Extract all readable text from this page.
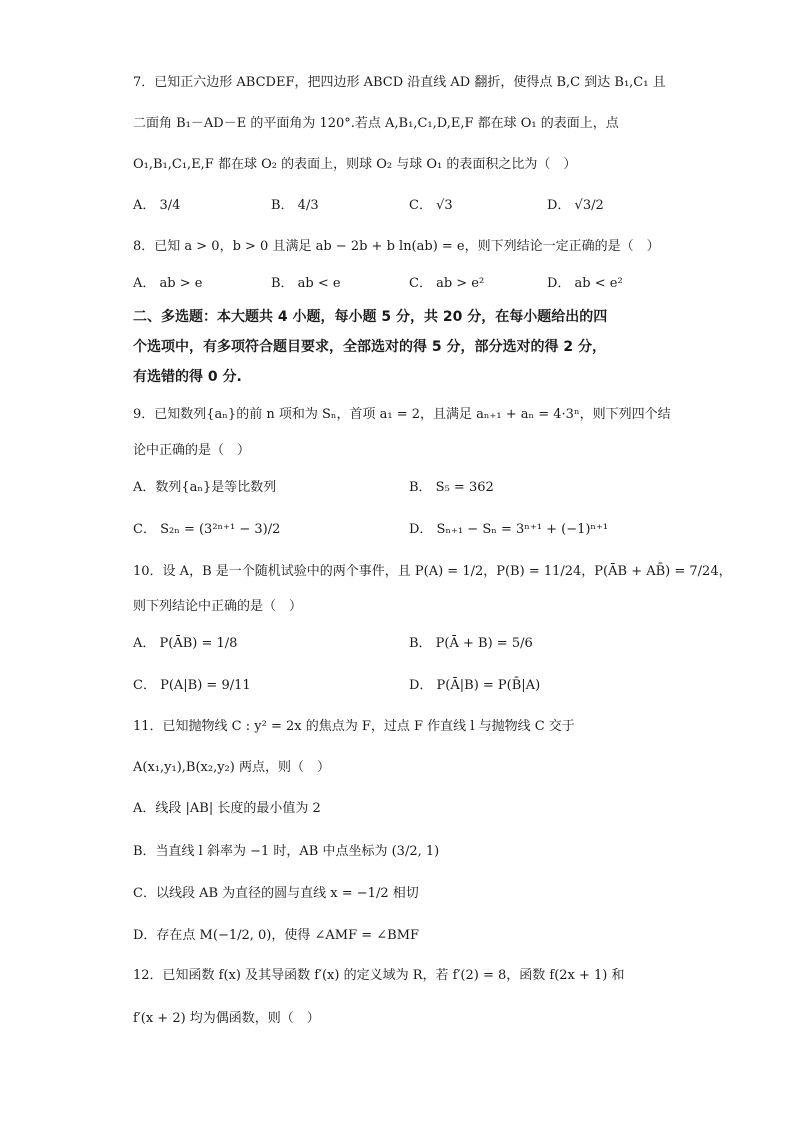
7．已知正六边形 ABCDEF，把四边形 ABCD 沿直线 AD 翻折，使得点 B,C 到达 B₁,C₁ 且
二面角 B₁－AD－E 的平面角为 120°.若点 A,B₁,C₁,D,E,F 都在球 O₁ 的表面上，点
O₁,B₁,C₁,E,F 都在球 O₂ 的表面上，则球 O₂ 与球 O₁ 的表面积之比为（　）
A． 3/4	B． 4/3	C． √3	D． √3/2
8．已知 a > 0，b > 0 且满足 ab − 2b + b ln(ab) = e，则下列结论一定正确的是（　）
A． ab > e	B． ab < e	C． ab > e²	D． ab < e²
二、多选题：本大题共 4 小题，每小题 5 分，共 20 分，在每小题给出的四
个选项中，有多项符合题目要求，全部选对的得 5 分，部分选对的得 2 分，
有选错的得 0 分.
9．已知数列{aₙ}的前 n 项和为 Sₙ，首项 a₁ = 2，且满足 aₙ₊₁ + aₙ = 4·3ⁿ，则下列四个结
论中正确的是（　）
A．数列{aₙ}是等比数列	B． S₅ = 362
C． S₂ₙ = (3²ⁿ⁺¹ − 3)/2	D． Sₙ₊₁ − Sₙ = 3ⁿ⁺¹ + (−1)ⁿ⁺¹
10．设 A，B 是一个随机试验中的两个事件，且 P(A) = 1/2，P(B) = 11/24，P(ĀB + AB̄) = 7/24，
则下列结论中正确的是（　）
A． P(ĀB) = 1/8	B． P(Ā + B) = 5/6
C． P(A|B) = 9/11	D． P(Ā|B) = P(B̄|A)
11．已知抛物线 C : y² = 2x 的焦点为 F，过点 F 作直线 l 与抛物线 C 交于
A(x₁,y₁),B(x₂,y₂) 两点，则（　）
A．线段 |AB| 长度的最小值为 2
B．当直线 l 斜率为 −1 时，AB 中点坐标为 (3/2, 1)
C．以线段 AB 为直径的圆与直线 x = −1/2 相切
D．存在点 M(−1/2, 0)，使得 ∠AMF = ∠BMF
12．已知函数 f(x) 及其导函数 f′(x) 的定义域为 R，若 f′(2) = 8，函数 f(2x + 1) 和
f′(x + 2) 均为偶函数，则（　）
